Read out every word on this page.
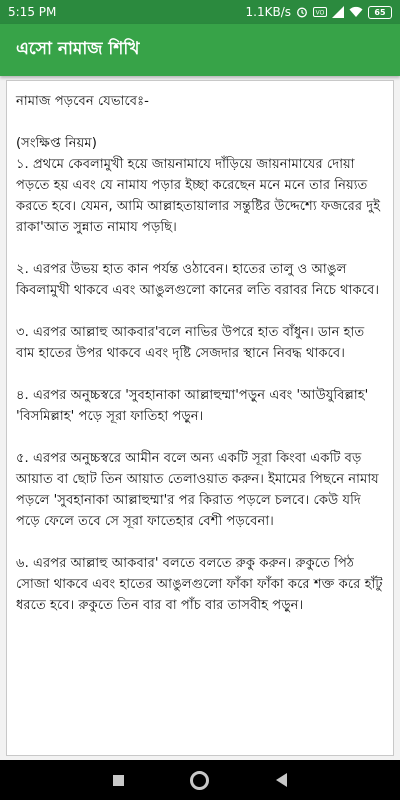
5:15 PM	1.1KB/s	VO	65
এসো নামাজ শিখি
নামাজ পড়বেন যেভাবেঃ-
(সংক্ষিপ্ত নিয়ম)
১. প্রথমে কেবলামুখী হয়ে জায়নামাযে দাঁড়িয়ে জায়নামাযের দোয়া পড়তে হয় এবং যে নামায পড়ার ইচ্ছা করেছেন মনে মনে তার নিয়্যত করতে হবে। যেমন, আমি আল্লাহতায়ালার সন্তুষ্টির উদ্দেশ্যে ফজরের দুই রাকা'আত সুন্নাত নামায পড়ছি।
২. এরপর উভয় হাত কান পর্যন্ত ওঠাবেন। হাতের তালু ও আঙুল কিবলামুখী থাকবে এবং আঙুলগুলো কানের লতি বরাবর নিচে থাকবে।
৩. এরপর আল্লাহু আকবার'বলে নাভির উপরে হাত বাঁধুন। ডান হাত বাম হাতের উপর থাকবে এবং দৃষ্টি সেজদার স্থানে নিবদ্ধ থাকবে।
৪. এরপর অনুচ্চস্বরে 'সুবহানাকা আল্লাহুম্মা'পড়ুন এবং 'আউযুবিল্লাহ' 'বিসমিল্লাহ' পড়ে সূরা ফাতিহা পড়ুন।
৫. এরপর অনুচ্চস্বরে আমীন বলে অন্য একটি সূরা কিংবা একটি বড় আয়াত বা ছোট তিন আয়াত তেলাওয়াত করুন। ইমামের পিছনে নামায পড়লে 'সুবহানাকা আল্লাহুম্মা'র পর কিরাত পড়লে চলবে। কেউ যদি পড়ে ফেলে তবে সে সূরা ফাতেহার বেশী পড়বেনা।
৬. এরপর আল্লাহু আকবার' বলতে বলতে রুকু করুন। রুকুতে পিঠ সোজা থাকবে এবং হাতের আঙুলগুলো ফাঁকা ফাঁকা করে শক্ত করে হাঁটু ধরতে হবে। রুকুতে তিন বার বা পাঁচ বার তাসবীহ পড়ুন।
